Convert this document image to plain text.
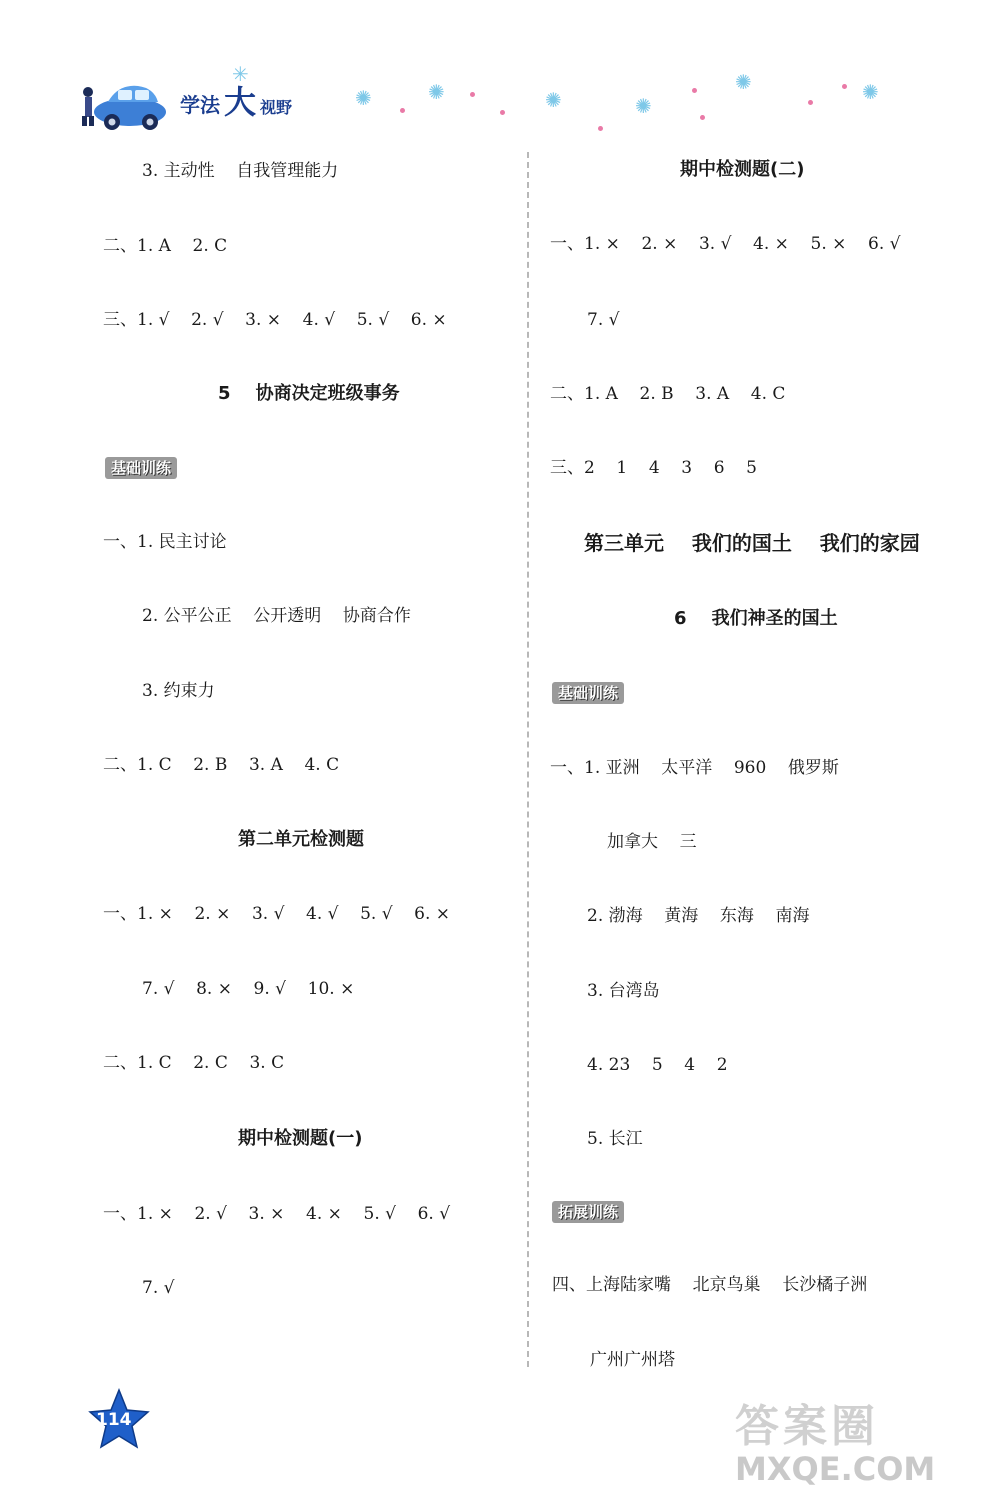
学法 大 视野
✳
✺	✺	✺	✺
✺	✺
3. 主动性    自我管理能力
二、1. A    2. C
三、1. √    2. √    3. ×    4. √    5. √    6. ×
5    协商决定班级事务
基础训练
一、1. 民主讨论
2. 公平公正    公开透明    协商合作
3. 约束力
二、1. C    2. B    3. A    4. C
第二单元检测题
一、1. ×    2. ×    3. √    4. √    5. √    6. ×
7. √    8. ×    9. √    10. ×
二、1. C    2. C    3. C
期中检测题(一)
一、1. ×    2. √    3. ×    4. ×    5. √    6. √
7. √
期中检测题(二)
一、1. ×    2. ×    3. √    4. ×    5. ×    6. √
7. √
二、1. A    2. B    3. A    4. C
三、2    1    4    3    6    5
第三单元    我们的国土    我们的家园
6    我们神圣的国土
基础训练
一、1. 亚洲    太平洋    960    俄罗斯
加拿大    三
2. 渤海    黄海    东海    南海
3. 台湾岛
4. 23    5    4    2
5. 长江
拓展训练
四、上海陆家嘴    北京鸟巢    长沙橘子洲
广州广州塔
114	答案圈
MXQE.COM
